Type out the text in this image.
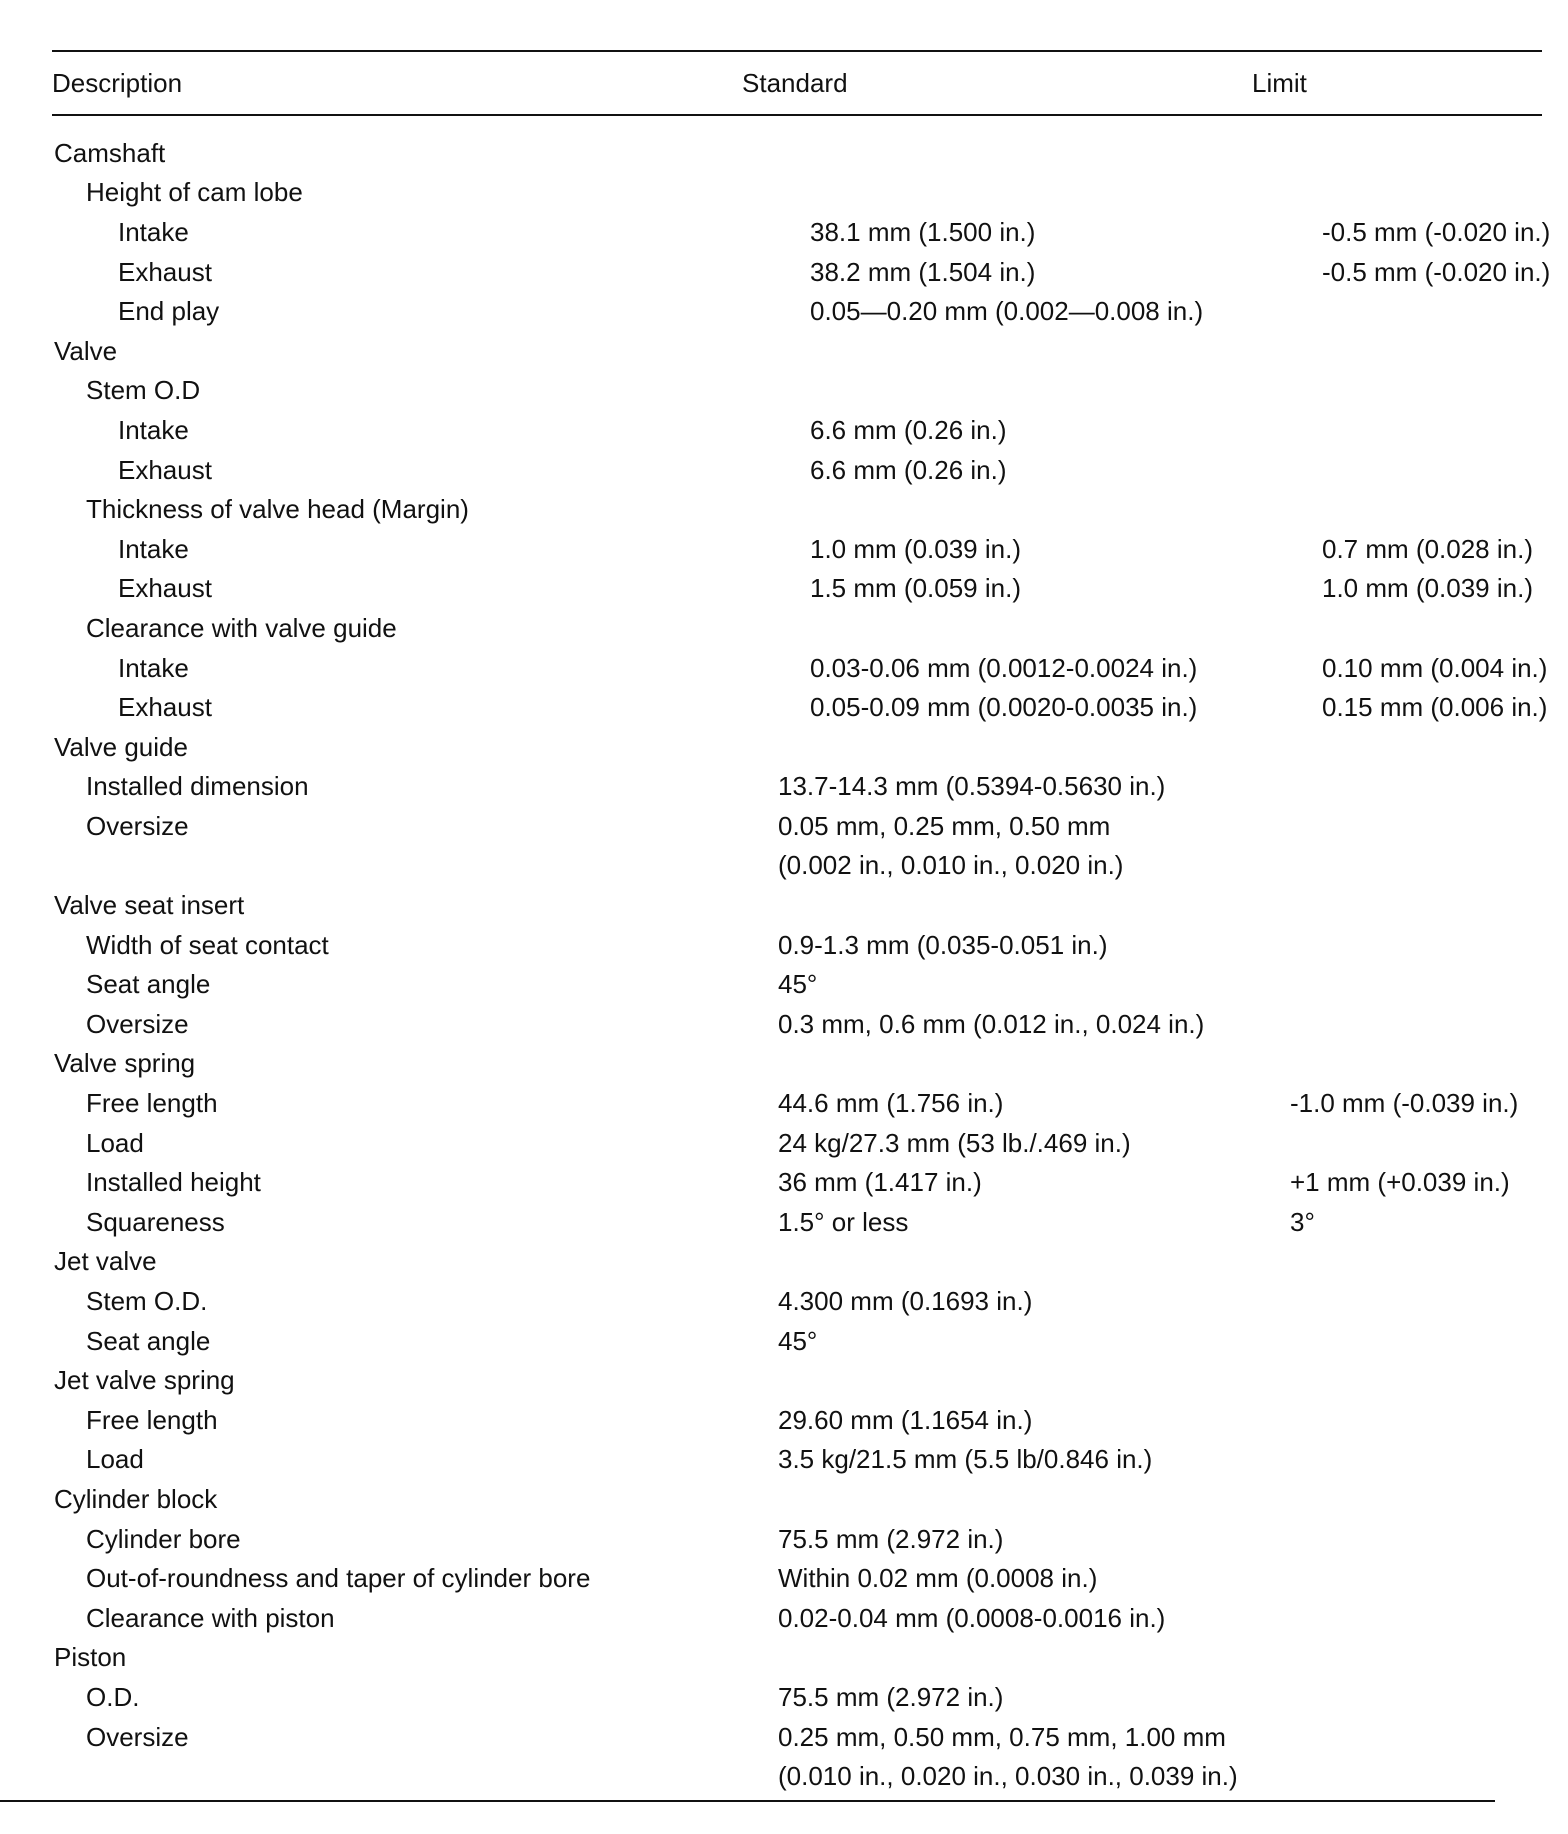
Description	Standard	Limit
Camshaft
Height of cam lobe
Intake	38.1 mm (1.500 in.)	-0.5 mm (-0.020 in.)
Exhaust	38.2 mm (1.504 in.)	-0.5 mm (-0.020 in.)
End play	0.05—0.20 mm (0.002—0.008 in.)
Valve
Stem O.D
Intake	6.6 mm (0.26 in.)
Exhaust	6.6 mm (0.26 in.)
Thickness of valve head (Margin)
Intake	1.0 mm (0.039 in.)	0.7 mm (0.028 in.)
Exhaust	1.5 mm (0.059 in.)	1.0 mm (0.039 in.)
Clearance with valve guide
Intake	0.03-0.06 mm (0.0012-0.0024 in.)	0.10 mm (0.004 in.)
Exhaust	0.05-0.09 mm (0.0020-0.0035 in.)	0.15 mm (0.006 in.)
Valve guide
Installed dimension	13.7-14.3 mm (0.5394-0.5630 in.)
Oversize	0.05 mm, 0.25 mm, 0.50 mm
(0.002 in., 0.010 in., 0.020 in.)
Valve seat insert
Width of seat contact	0.9-1.3 mm (0.035-0.051 in.)
Seat angle	45°
Oversize	0.3 mm, 0.6 mm (0.012 in., 0.024 in.)
Valve spring
Free length	44.6 mm (1.756 in.)	-1.0 mm (-0.039 in.)
Load	24 kg/27.3 mm (53 lb./.469 in.)
Installed height	36 mm (1.417 in.)	+1 mm (+0.039 in.)
Squareness	1.5° or less	3°
Jet valve
Stem O.D.	4.300 mm (0.1693 in.)
Seat angle	45°
Jet valve spring
Free length	29.60 mm (1.1654 in.)
Load	3.5 kg/21.5 mm (5.5 lb/0.846 in.)
Cylinder block
Cylinder bore	75.5 mm (2.972 in.)
Out-of-roundness and taper of cylinder bore	Within 0.02 mm (0.0008 in.)
Clearance with piston	0.02-0.04 mm (0.0008-0.0016 in.)
Piston
O.D.	75.5 mm (2.972 in.)
Oversize	0.25 mm, 0.50 mm, 0.75 mm, 1.00 mm
(0.010 in., 0.020 in., 0.030 in., 0.039 in.)
